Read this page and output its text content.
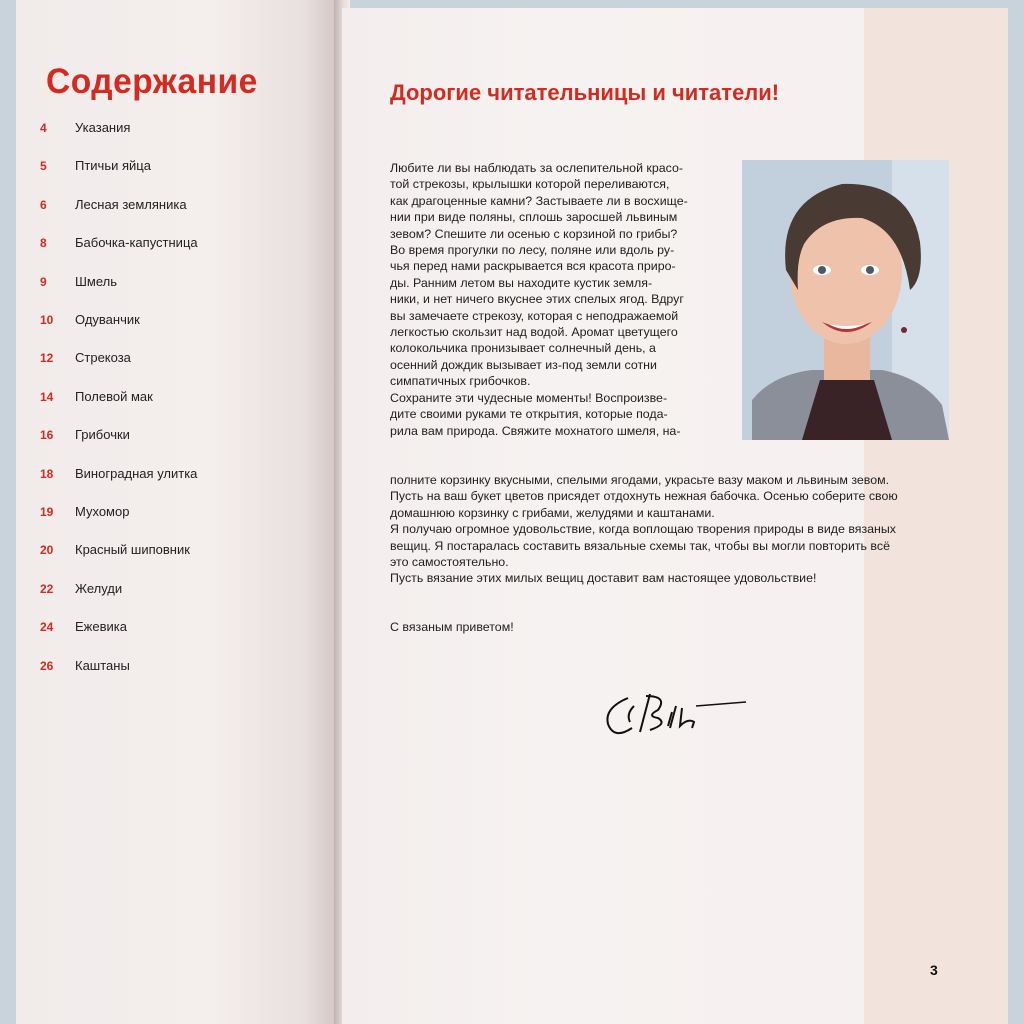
Содержание
4	Указания
5	Птичьи яйца
6	Лесная земляника
8	Бабочка-капустница
9	Шмель
10	Одуванчик
12	Стрекоза
14	Полевой мак
16	Грибочки
18	Виноградная улитка
19	Мухомор
20	Красный шиповник
22	Желуди
24	Ежевика
26	Каштаны
Дорогие читательницы и читатели!
Любите ли вы наблюдать за ослепительной красо-
той стрекозы, крылышки которой переливаются,
как драгоценные камни? Застываете ли в восхище-
нии при виде поляны, сплошь заросшей львиным
зевом? Спешите ли осенью с корзиной по грибы?
Во время прогулки по лесу, поляне или вдоль ру-
чья перед нами раскрывается вся красота приро-
ды. Ранним летом вы находите кустик земля-
ники, и нет ничего вкуснее этих спелых ягод. Вдруг
вы замечаете стрекозу, которая с неподражаемой
легкостью скользит над водой. Аромат цветущего
колокольчика пронизывает солнечный день, а
осенний дождик вызывает из-под земли сотни
симпатичных грибочков.
Сохраните эти чудесные моменты! Воспроизве-
дите своими руками те открытия, которые пода-
рила вам природа. Свяжите мохнатого шмеля, на-
полните корзинку вкусными, спелыми ягодами, украсьте вазу маком и львиным зевом.
Пусть на ваш букет цветов присядет отдохнуть нежная бабочка. Осенью соберите свою
домашнюю корзинку с грибами, желудями и каштанами.
Я получаю огромное удовольствие, когда воплощаю творения природы в виде вязаных
вещиц. Я постаралась составить вязальные схемы так, чтобы вы могли повторить всё
это самостоятельно.
Пусть вязание этих милых вещиц доставит вам настоящее удовольствие!
С вязаным приветом!
3
